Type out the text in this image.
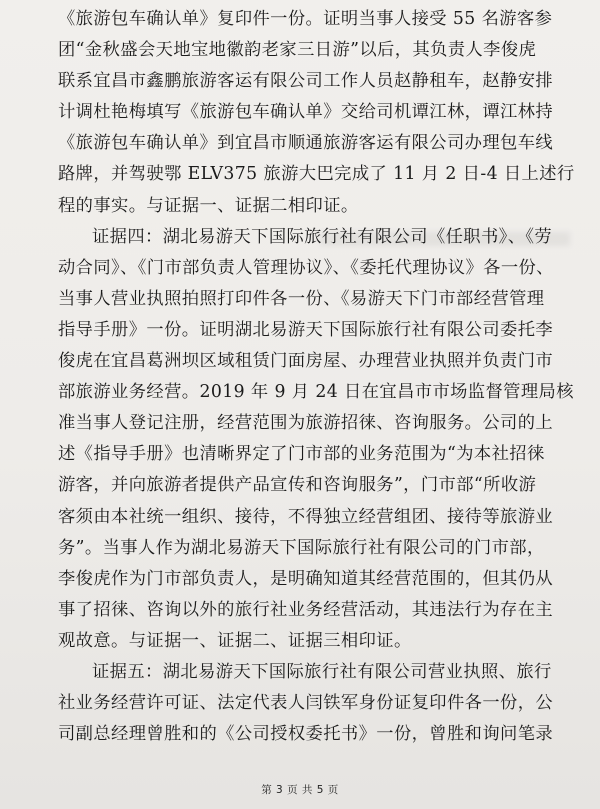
《旅游包车确认单》复印件一份。证明当事人接受 55 名游客参
团“金秋盛会天地宝地徽韵老家三日游”以后，其负责人李俊虎
联系宜昌市鑫鹏旅游客运有限公司工作人员赵静租车，赵静安排
计调杜艳梅填写《旅游包车确认单》交给司机谭江林，谭江林持
《旅游包车确认单》到宜昌市顺通旅游客运有限公司办理包车线
路牌，并驾驶鄂 ELV375 旅游大巴完成了 11 月 2 日-4 日上述行
程的事实。与证据一、证据二相印证。
证据四：湖北易游天下国际旅行社有限公司《任职书》、《劳
动合同》、《门市部负责人管理协议》、《委托代理协议》各一份、
当事人营业执照拍照打印件各一份、《易游天下门市部经营管理
指导手册》一份。证明湖北易游天下国际旅行社有限公司委托李
俊虎在宜昌葛洲坝区域租赁门面房屋、办理营业执照并负责门市
部旅游业务经营。2019 年 9 月 24 日在宜昌市市场监督管理局核
准当事人登记注册，经营范围为旅游招徕、咨询服务。公司的上
述《指导手册》也清晰界定了门市部的业务范围为“为本社招徕
游客，并向旅游者提供产品宣传和咨询服务”，门市部“所收游
客须由本社统一组织、接待，不得独立经营组团、接待等旅游业
务”。当事人作为湖北易游天下国际旅行社有限公司的门市部，
李俊虎作为门市部负责人，是明确知道其经营范围的，但其仍从
事了招徕、咨询以外的旅行社业务经营活动，其违法行为存在主
观故意。与证据一、证据二、证据三相印证。
证据五：湖北易游天下国际旅行社有限公司营业执照、旅行
社业务经营许可证、法定代表人闫铁军身份证复印件各一份，公
司副总经理曾胜和的《公司授权委托书》一份，曾胜和询问笔录
第 3 页 共 5 页
